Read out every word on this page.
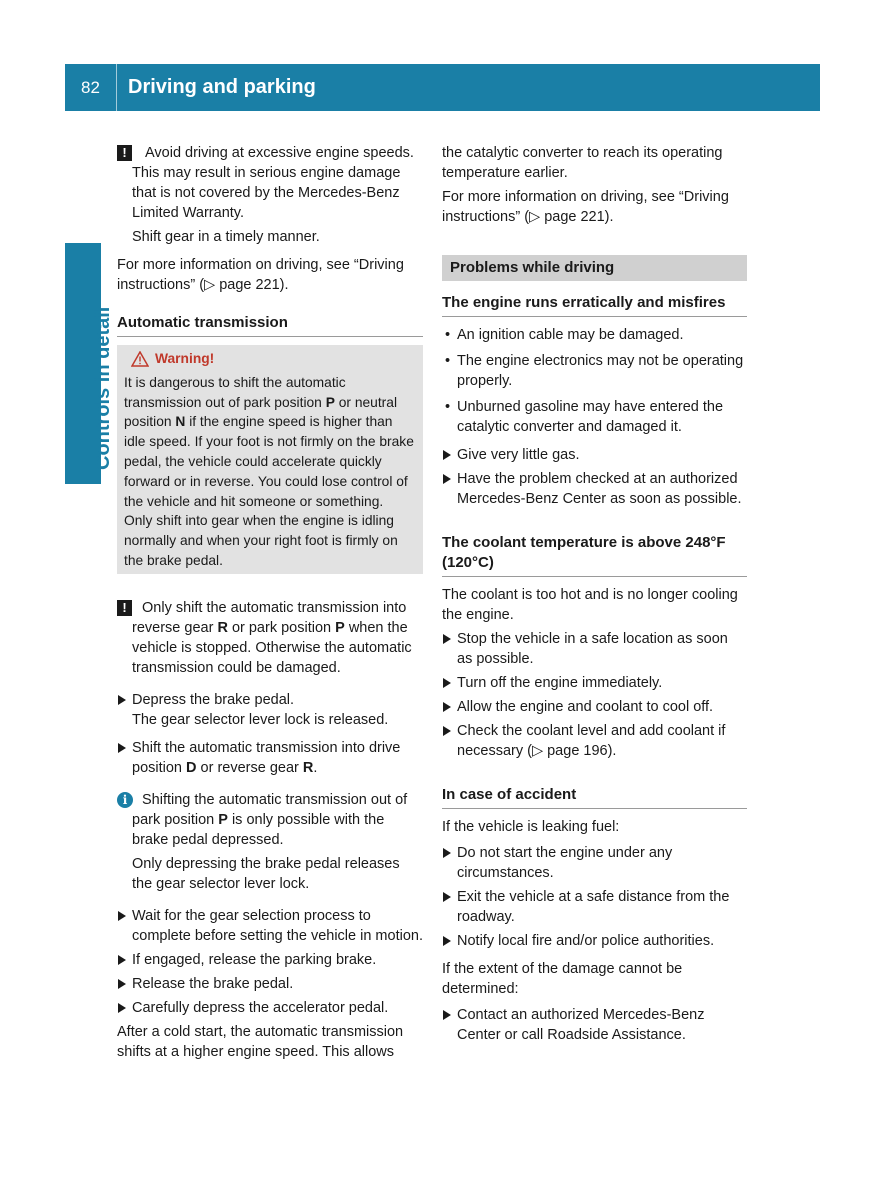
82	Driving and parking
Controls in detail
!	Avoid driving at excessive engine speeds. This may result in serious engine damage that is not covered by the Mercedes-Benz Limited Warranty.

Shift gear in a timely manner.

For more information on driving, see “Driving instructions” (▷ page 221).

Automatic transmission
Warning!

It is dangerous to shift the automatic transmission out of park position P or neutral position N if the engine speed is higher than idle speed. If your foot is not firmly on the brake pedal, the vehicle could accelerate quickly forward or in reverse. You could lose control of the vehicle and hit someone or something. Only shift into gear when the engine is idling normally and when your right foot is firmly on the brake pedal.

!	Only shift the automatic transmission into reverse gear R or park position P when the vehicle is stopped. Otherwise the automatic transmission could be damaged.

Depress the brake pedal.

The gear selector lever lock is released.

Shift the automatic transmission into drive position D or reverse gear R.

i	Shifting the automatic transmission out of park position P is only possible with the brake pedal depressed.

Only depressing the brake pedal releases the gear selector lever lock.

Wait for the gear selection process to complete before setting the vehicle in motion.

If engaged, release the parking brake.

Release the brake pedal.

Carefully depress the accelerator pedal.

After a cold start, the automatic transmission shifts at a higher engine speed. This allows

the catalytic converter to reach its operating temperature earlier.

For more information on driving, see “Driving instructions” (▷ page 221).

Problems while driving
The engine runs erratically and misfires
• An ignition cable may be damaged.

• The engine electronics may not be operating properly.

• Unburned gasoline may have entered the catalytic converter and damaged it.

Give very little gas.

Have the problem checked at an authorized Mercedes-Benz Center as soon as possible.

The coolant temperature is above 248°F (120°C)

The coolant is too hot and is no longer cooling the engine.

Stop the vehicle in a safe location as soon as possible.

Turn off the engine immediately.

Allow the engine and coolant to cool off.

Check the coolant level and add coolant if necessary (▷ page 196).

In case of accident

If the vehicle is leaking fuel:

Do not start the engine under any circumstances.

Exit the vehicle at a safe distance from the roadway.

Notify local fire and/or police authorities.

If the extent of the damage cannot be determined:

Contact an authorized Mercedes-Benz Center or call Roadside Assistance.
